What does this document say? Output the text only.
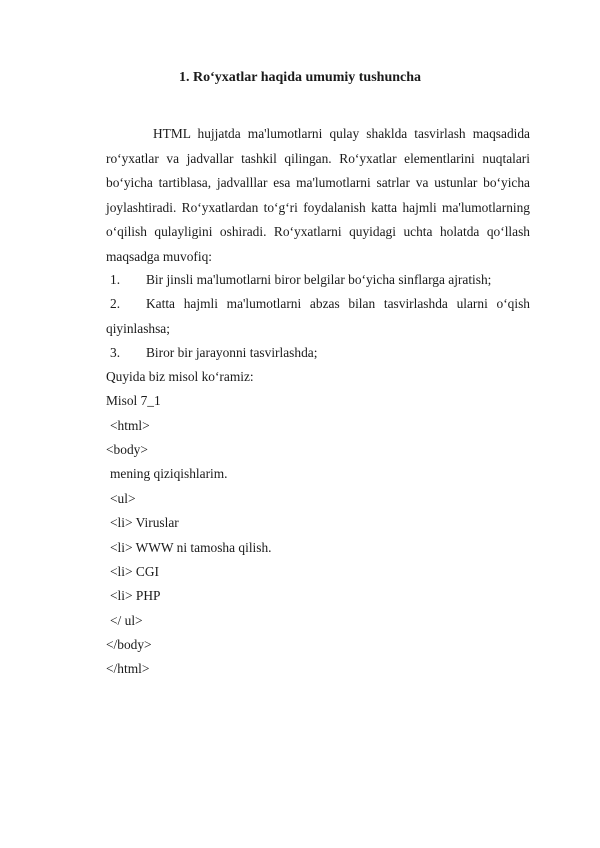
1. Ro‘yxatlar haqida umumiy tushuncha

HTML hujjatda ma'lumotlarni qulay shaklda tasvirlash maqsadida ro‘yxatlar va jadvallar tashkil qilingan. Ro‘yxatlar elementlarini nuqtalari bo‘yicha tartiblasa, jadvalllar esa ma'lumotlarni satrlar va ustunlar bo‘yicha joylashtiradi. Ro‘yxatlardan to‘g‘ri foydalanish katta hajmli ma'lumotlarning o‘qilish qulayligini oshiradi. Ro‘yxatlarni quyidagi uchta holatda qo‘llash maqsadga muvofiq:

1. Bir jinsli ma'lumotlarni biror belgilar bo‘yicha sinflarga ajratish;

2. Katta hajmli ma'lumotlarni abzas bilan tasvirlashda ularni o‘qish qiyinlashsa;

3. Biror bir jarayonni tasvirlashda;

Quyida biz misol ko‘ramiz:
Misol 7_1
<html>
<body>
mening qiziqishlarim.
<ul>
<li> Viruslar
<li> WWW ni tamosha qilish.
<li> CGI
<li> PHP
</ ul>
</body>
</html>
